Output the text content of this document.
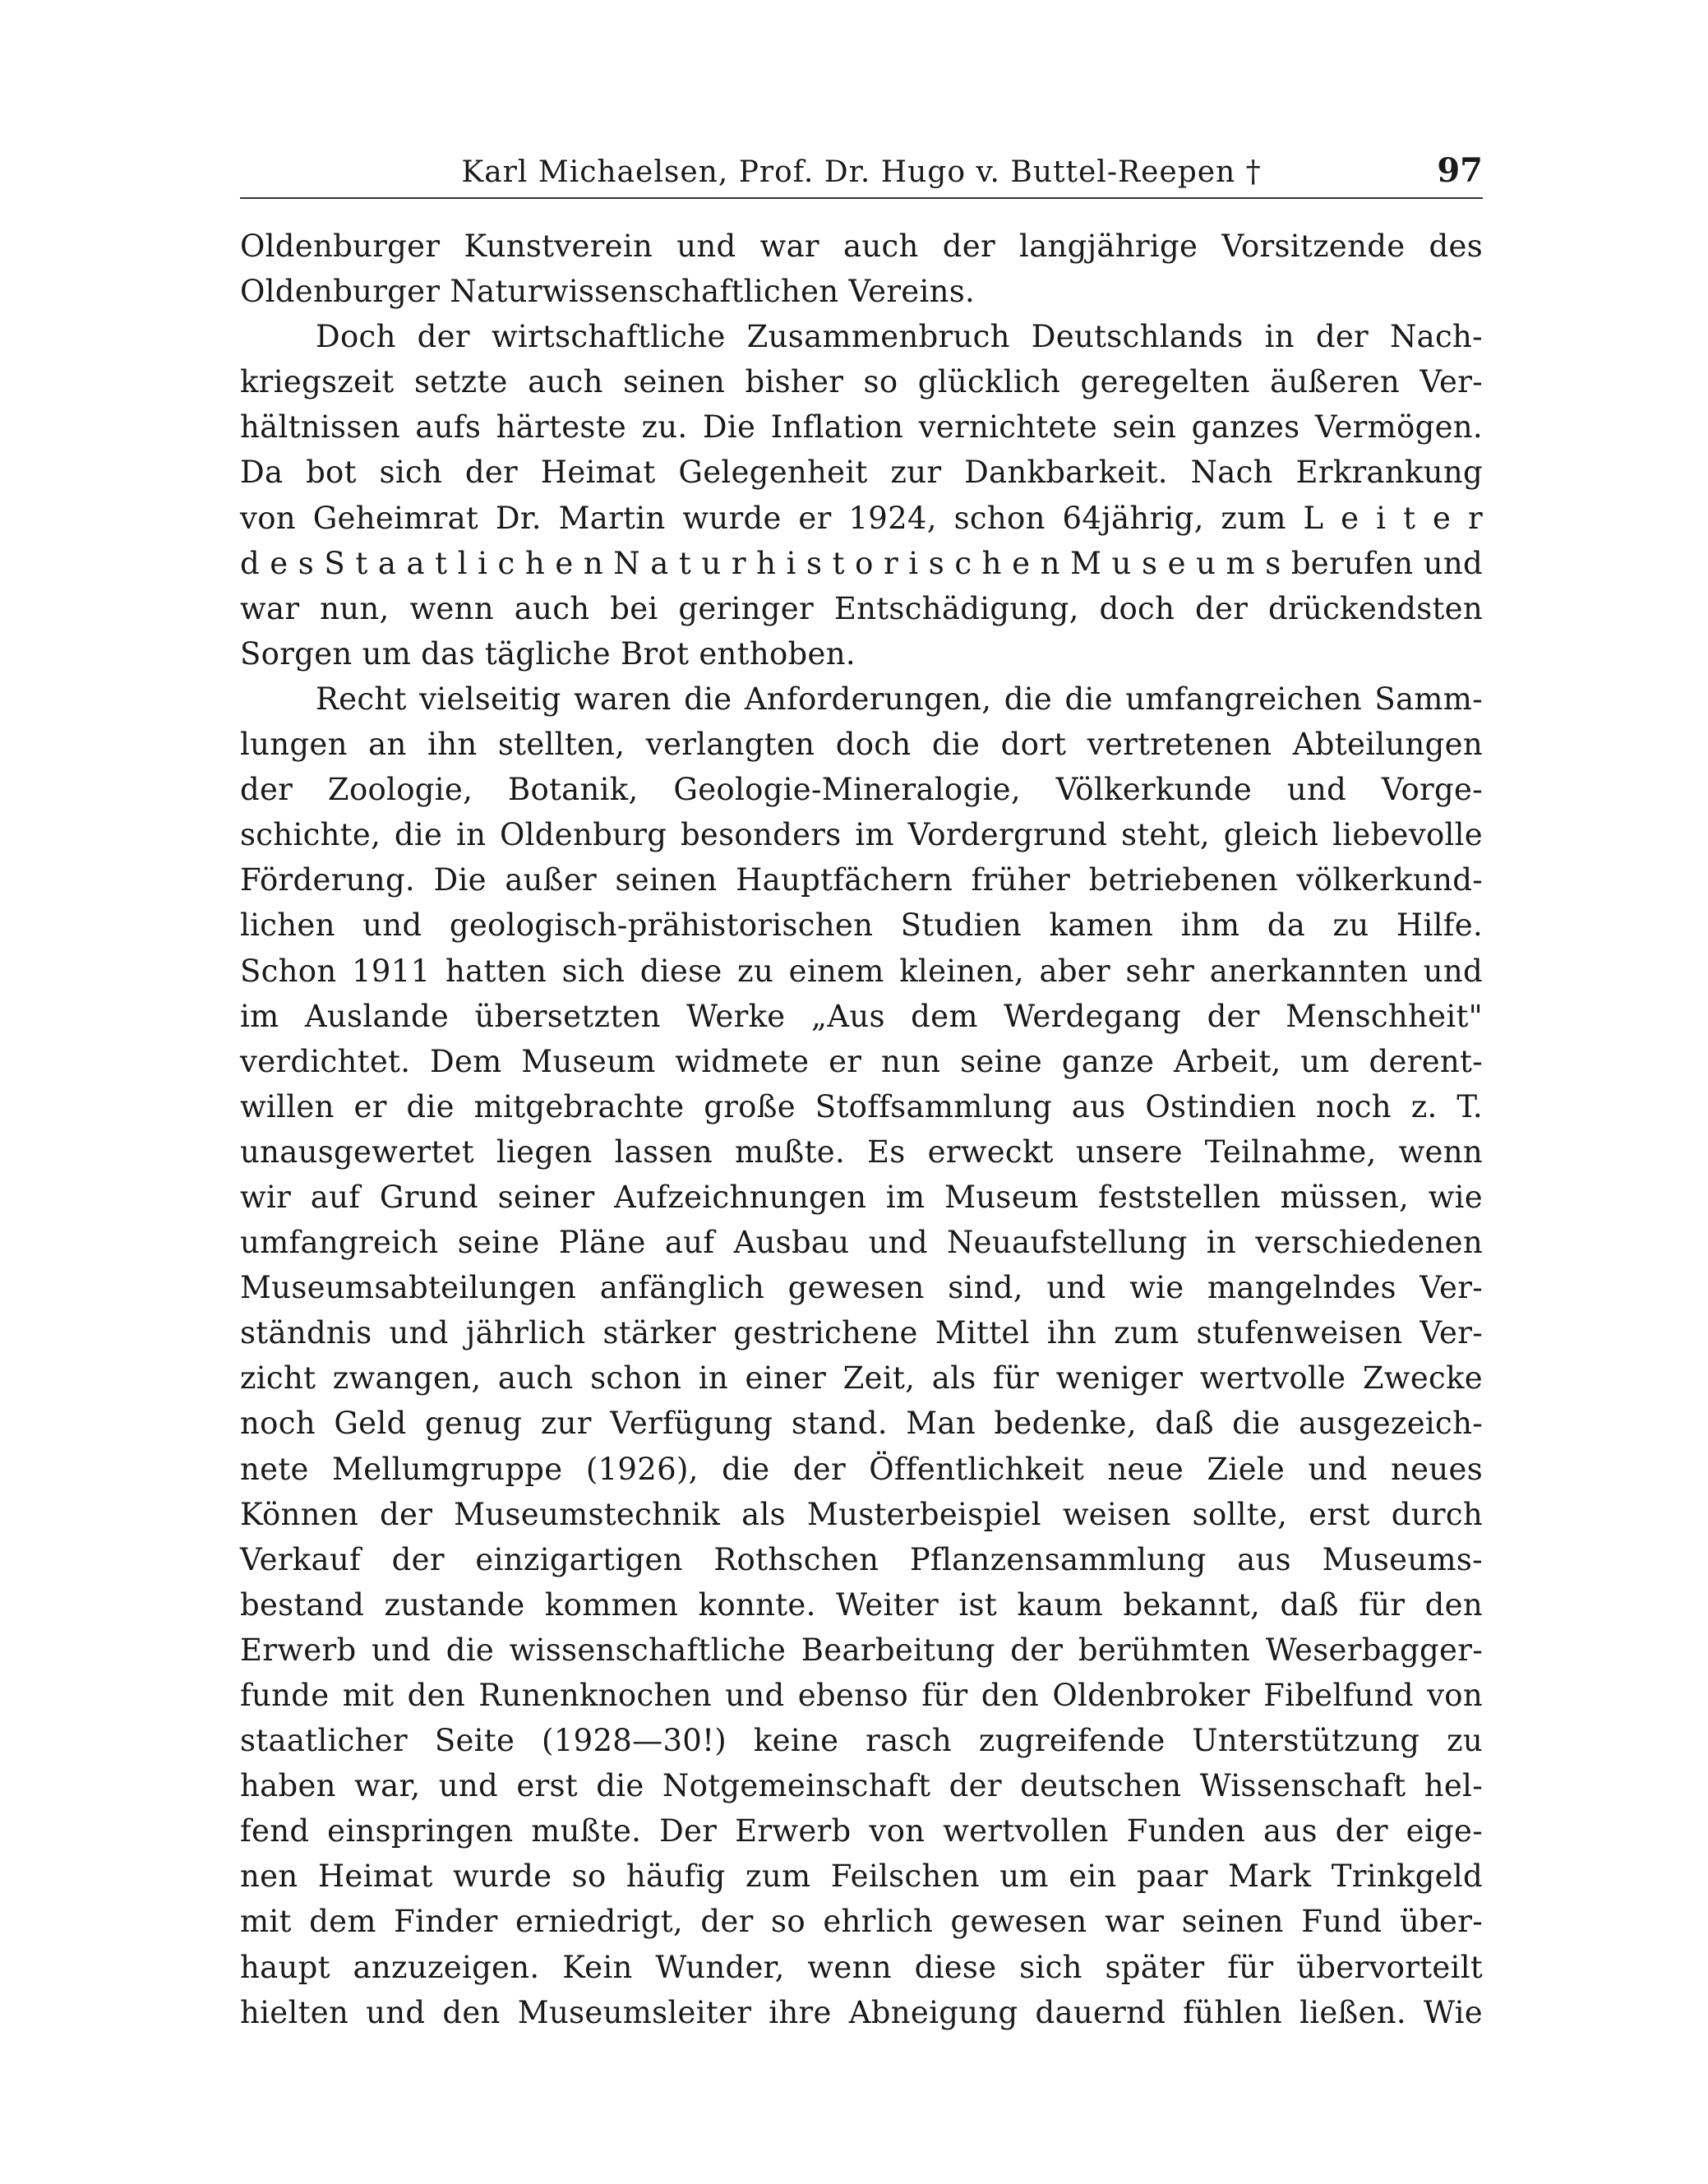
Karl Michaelsen, Prof. Dr. Hugo v. Buttel-Reepen †	97
Oldenburger Kunstverein und war auch der langjährige Vorsitzende des
Oldenburger Naturwissenschaftlichen Vereins.
Doch der wirtschaftliche Zusammenbruch Deutschlands in der Nach-
kriegszeit setzte auch seinen bisher so glücklich geregelten äußeren Ver-
hältnissen aufs härteste zu. Die Inflation vernichtete sein ganzes Vermögen.
Da bot sich der Heimat Gelegenheit zur Dankbarkeit. Nach Erkrankung
von Geheimrat Dr. Martin wurde er 1924, schon 64jährig, zum L e i t e r
d e s S t a a t l i c h e n N a t u r h i s t o r i s c h e n M u s e u m s berufen und
war nun, wenn auch bei geringer Entschädigung, doch der drückendsten
Sorgen um das tägliche Brot enthoben.
Recht vielseitig waren die Anforderungen, die die umfangreichen Samm-
lungen an ihn stellten, verlangten doch die dort vertretenen Abteilungen
der Zoologie, Botanik, Geologie-Mineralogie, Völkerkunde und Vorge-
schichte, die in Oldenburg besonders im Vordergrund steht, gleich liebevolle
Förderung. Die außer seinen Hauptfächern früher betriebenen völkerkund-
lichen und geologisch-prähistorischen Studien kamen ihm da zu Hilfe.
Schon 1911 hatten sich diese zu einem kleinen, aber sehr anerkannten und
im Auslande übersetzten Werke „Aus dem Werdegang der Menschheit"
verdichtet. Dem Museum widmete er nun seine ganze Arbeit, um derent-
willen er die mitgebrachte große Stoffsammlung aus Ostindien noch z. T.
unausgewertet liegen lassen mußte. Es erweckt unsere Teilnahme, wenn
wir auf Grund seiner Aufzeichnungen im Museum feststellen müssen, wie
umfangreich seine Pläne auf Ausbau und Neuaufstellung in verschiedenen
Museumsabteilungen anfänglich gewesen sind, und wie mangelndes Ver-
ständnis und jährlich stärker gestrichene Mittel ihn zum stufenweisen Ver-
zicht zwangen, auch schon in einer Zeit, als für weniger wertvolle Zwecke
noch Geld genug zur Verfügung stand. Man bedenke, daß die ausgezeich-
nete Mellumgruppe (1926), die der Öffentlichkeit neue Ziele und neues
Können der Museumstechnik als Musterbeispiel weisen sollte, erst durch
Verkauf der einzigartigen Rothschen Pflanzensammlung aus Museums-
bestand zustande kommen konnte. Weiter ist kaum bekannt, daß für den
Erwerb und die wissenschaftliche Bearbeitung der berühmten Weserbagger-
funde mit den Runenknochen und ebenso für den Oldenbroker Fibelfund von
staatlicher Seite (1928—30!) keine rasch zugreifende Unterstützung zu
haben war, und erst die Notgemeinschaft der deutschen Wissenschaft hel-
fend einspringen mußte. Der Erwerb von wertvollen Funden aus der eige-
nen Heimat wurde so häufig zum Feilschen um ein paar Mark Trinkgeld
mit dem Finder erniedrigt, der so ehrlich gewesen war seinen Fund über-
haupt anzuzeigen. Kein Wunder, wenn diese sich später für übervorteilt
hielten und den Museumsleiter ihre Abneigung dauernd fühlen ließen. Wie
